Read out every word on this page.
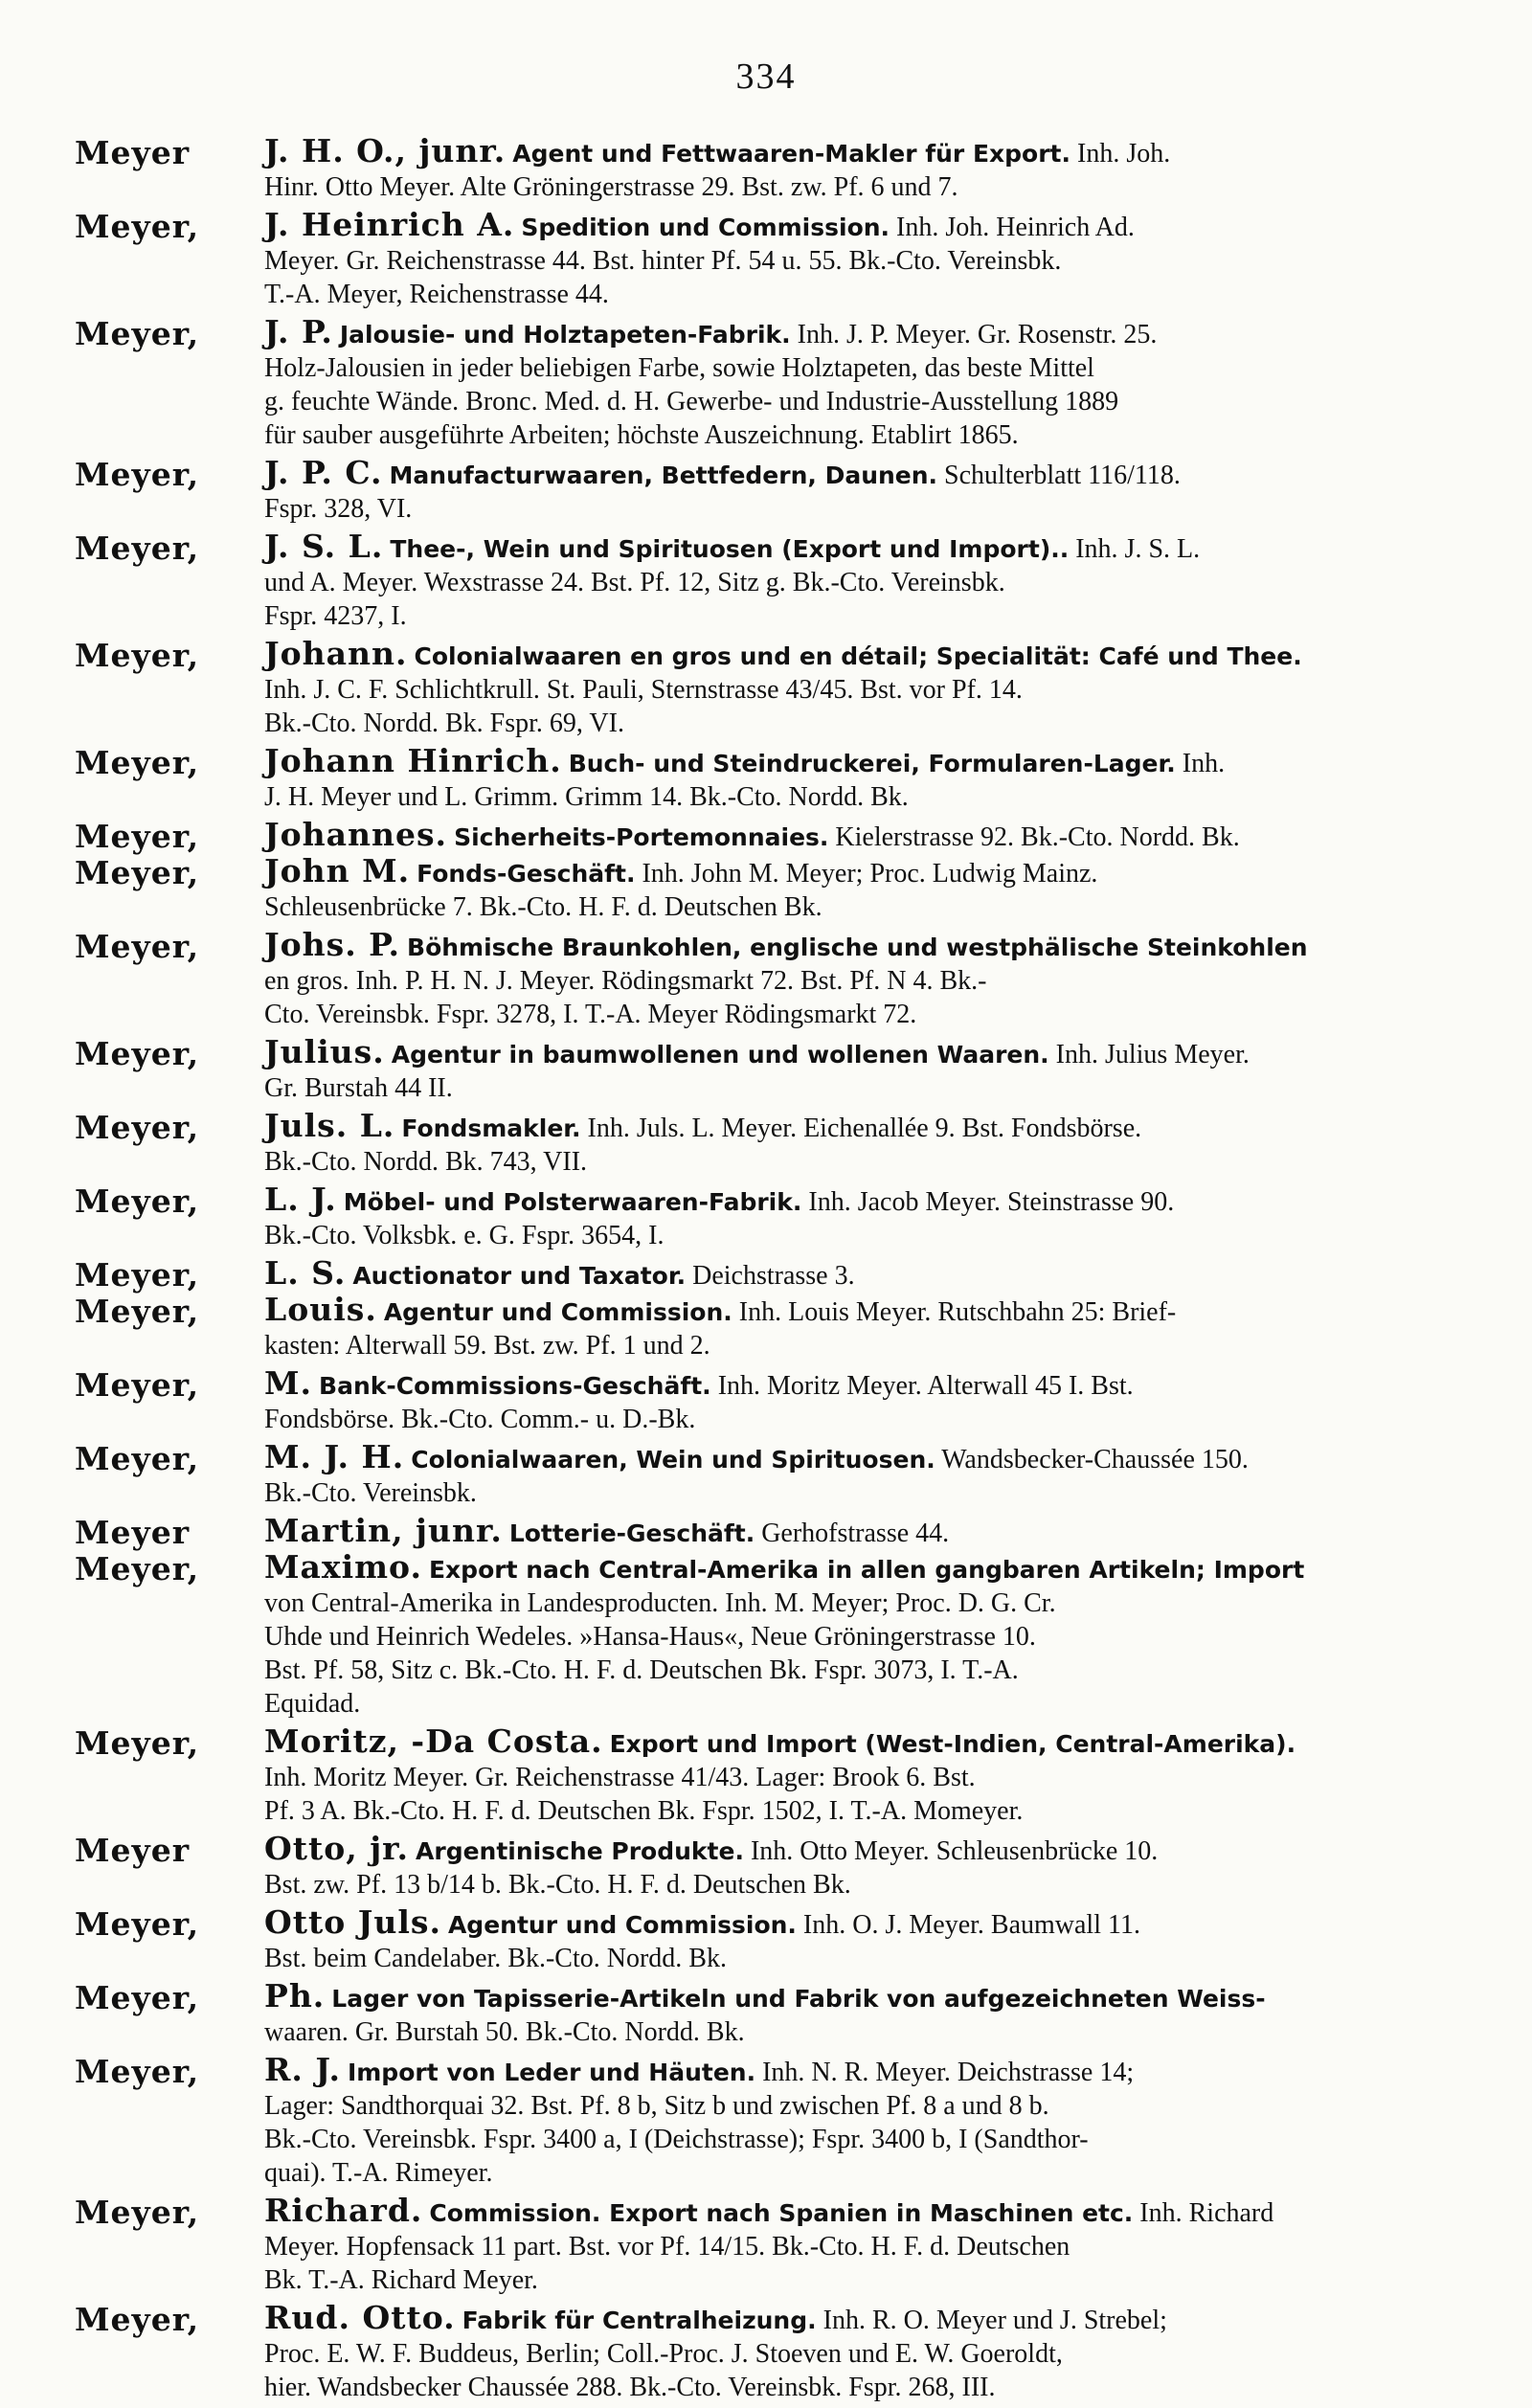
334
Meyer J. H. O., junr. Agent und Fettwaaren-Makler für Export. Inh. Joh.
Hinr. Otto Meyer. Alte Gröningerstrasse 29. Bst. zw. Pf. 6 und 7.
Meyer, J. Heinrich A. Spedition und Commission. Inh. Joh. Heinrich Ad.
Meyer. Gr. Reichenstrasse 44. Bst. hinter Pf. 54 u. 55. Bk.-Cto. Vereinsbk.
T.-A. Meyer, Reichenstrasse 44.
Meyer, J. P. Jalousie- und Holztapeten-Fabrik. Inh. J. P. Meyer. Gr. Rosenstr. 25.
Holz-Jalousien in jeder beliebigen Farbe, sowie Holztapeten, das beste Mittel
g. feuchte Wände. Bronc. Med. d. H. Gewerbe- und Industrie-Ausstellung 1889
für sauber ausgeführte Arbeiten; höchste Auszeichnung. Etablirt 1865.
Meyer, J. P. C. Manufacturwaaren, Bettfedern, Daunen. Schulterblatt 116/118.
Fspr. 328, VI.
Meyer, J. S. L. Thee-, Wein und Spirituosen (Export und Import).. Inh. J. S. L.
und A. Meyer. Wexstrasse 24. Bst. Pf. 12, Sitz g. Bk.-Cto. Vereinsbk.
Fspr. 4237, I.
Meyer, Johann. Colonialwaaren en gros und en détail; Specialität: Café und Thee.
Inh. J. C. F. Schlichtkrull. St. Pauli, Sternstrasse 43/45. Bst. vor Pf. 14.
Bk.-Cto. Nordd. Bk. Fspr. 69, VI.
Meyer, Johann Hinrich. Buch- und Steindruckerei, Formularen-Lager. Inh.
J. H. Meyer und L. Grimm. Grimm 14. Bk.-Cto. Nordd. Bk.
Meyer, Johannes. Sicherheits-Portemonnaies. Kielerstrasse 92. Bk.-Cto. Nordd. Bk.
Meyer, John M. Fonds-Geschäft. Inh. John M. Meyer; Proc. Ludwig Mainz.
Schleusenbrücke 7. Bk.-Cto. H. F. d. Deutschen Bk.
Meyer, Johs. P. Böhmische Braunkohlen, englische und westphälische Steinkohlen
en gros. Inh. P. H. N. J. Meyer. Rödingsmarkt 72. Bst. Pf. N 4. Bk.-
Cto. Vereinsbk. Fspr. 3278, I. T.-A. Meyer Rödingsmarkt 72.
Meyer, Julius. Agentur in baumwollenen und wollenen Waaren. Inh. Julius Meyer.
Gr. Burstah 44 II.
Meyer, Juls. L. Fondsmakler. Inh. Juls. L. Meyer. Eichenallée 9. Bst. Fondsbörse.
Bk.-Cto. Nordd. Bk. 743, VII.
Meyer, L. J. Möbel- und Polsterwaaren-Fabrik. Inh. Jacob Meyer. Steinstrasse 90.
Bk.-Cto. Volksbk. e. G. Fspr. 3654, I.
Meyer, L. S. Auctionator und Taxator. Deichstrasse 3.
Meyer, Louis. Agentur und Commission. Inh. Louis Meyer. Rutschbahn 25: Brief-
kasten: Alterwall 59. Bst. zw. Pf. 1 und 2.
Meyer, M. Bank-Commissions-Geschäft. Inh. Moritz Meyer. Alterwall 45 I. Bst.
Fondsbörse. Bk.-Cto. Comm.- u. D.-Bk.
Meyer, M. J. H. Colonialwaaren, Wein und Spirituosen. Wandsbecker-Chaussée 150.
Bk.-Cto. Vereinsbk.
Meyer Martin, junr. Lotterie-Geschäft. Gerhofstrasse 44.
Meyer, Maximo. Export nach Central-Amerika in allen gangbaren Artikeln; Import
von Central-Amerika in Landesproducten. Inh. M. Meyer; Proc. D. G. Cr.
Uhde und Heinrich Wedeles. »Hansa-Haus«, Neue Gröningerstrasse 10.
Bst. Pf. 58, Sitz c. Bk.-Cto. H. F. d. Deutschen Bk. Fspr. 3073, I. T.-A.
Equidad.
Meyer, Moritz, -Da Costa. Export und Import (West-Indien, Central-Amerika).
Inh. Moritz Meyer. Gr. Reichenstrasse 41/43. Lager: Brook 6. Bst.
Pf. 3 A. Bk.-Cto. H. F. d. Deutschen Bk. Fspr. 1502, I. T.-A. Momeyer.
Meyer Otto, jr. Argentinische Produkte. Inh. Otto Meyer. Schleusenbrücke 10.
Bst. zw. Pf. 13 b/14 b. Bk.-Cto. H. F. d. Deutschen Bk.
Meyer, Otto Juls. Agentur und Commission. Inh. O. J. Meyer. Baumwall 11.
Bst. beim Candelaber. Bk.-Cto. Nordd. Bk.
Meyer, Ph. Lager von Tapisserie-Artikeln und Fabrik von aufgezeichneten Weiss-
waaren. Gr. Burstah 50. Bk.-Cto. Nordd. Bk.
Meyer, R. J. Import von Leder und Häuten. Inh. N. R. Meyer. Deichstrasse 14;
Lager: Sandthorquai 32. Bst. Pf. 8 b, Sitz b und zwischen Pf. 8 a und 8 b.
Bk.-Cto. Vereinsbk. Fspr. 3400 a, I (Deichstrasse); Fspr. 3400 b, I (Sandthor-
quai). T.-A. Rimeyer.
Meyer, Richard. Commission. Export nach Spanien in Maschinen etc. Inh. Richard
Meyer. Hopfensack 11 part. Bst. vor Pf. 14/15. Bk.-Cto. H. F. d. Deutschen
Bk. T.-A. Richard Meyer.
Meyer, Rud. Otto. Fabrik für Centralheizung. Inh. R. O. Meyer und J. Strebel;
Proc. E. W. F. Buddeus, Berlin; Coll.-Proc. J. Stoeven und E. W. Goeroldt,
hier. Wandsbecker Chaussée 288. Bk.-Cto. Vereinsbk. Fspr. 268, III.
